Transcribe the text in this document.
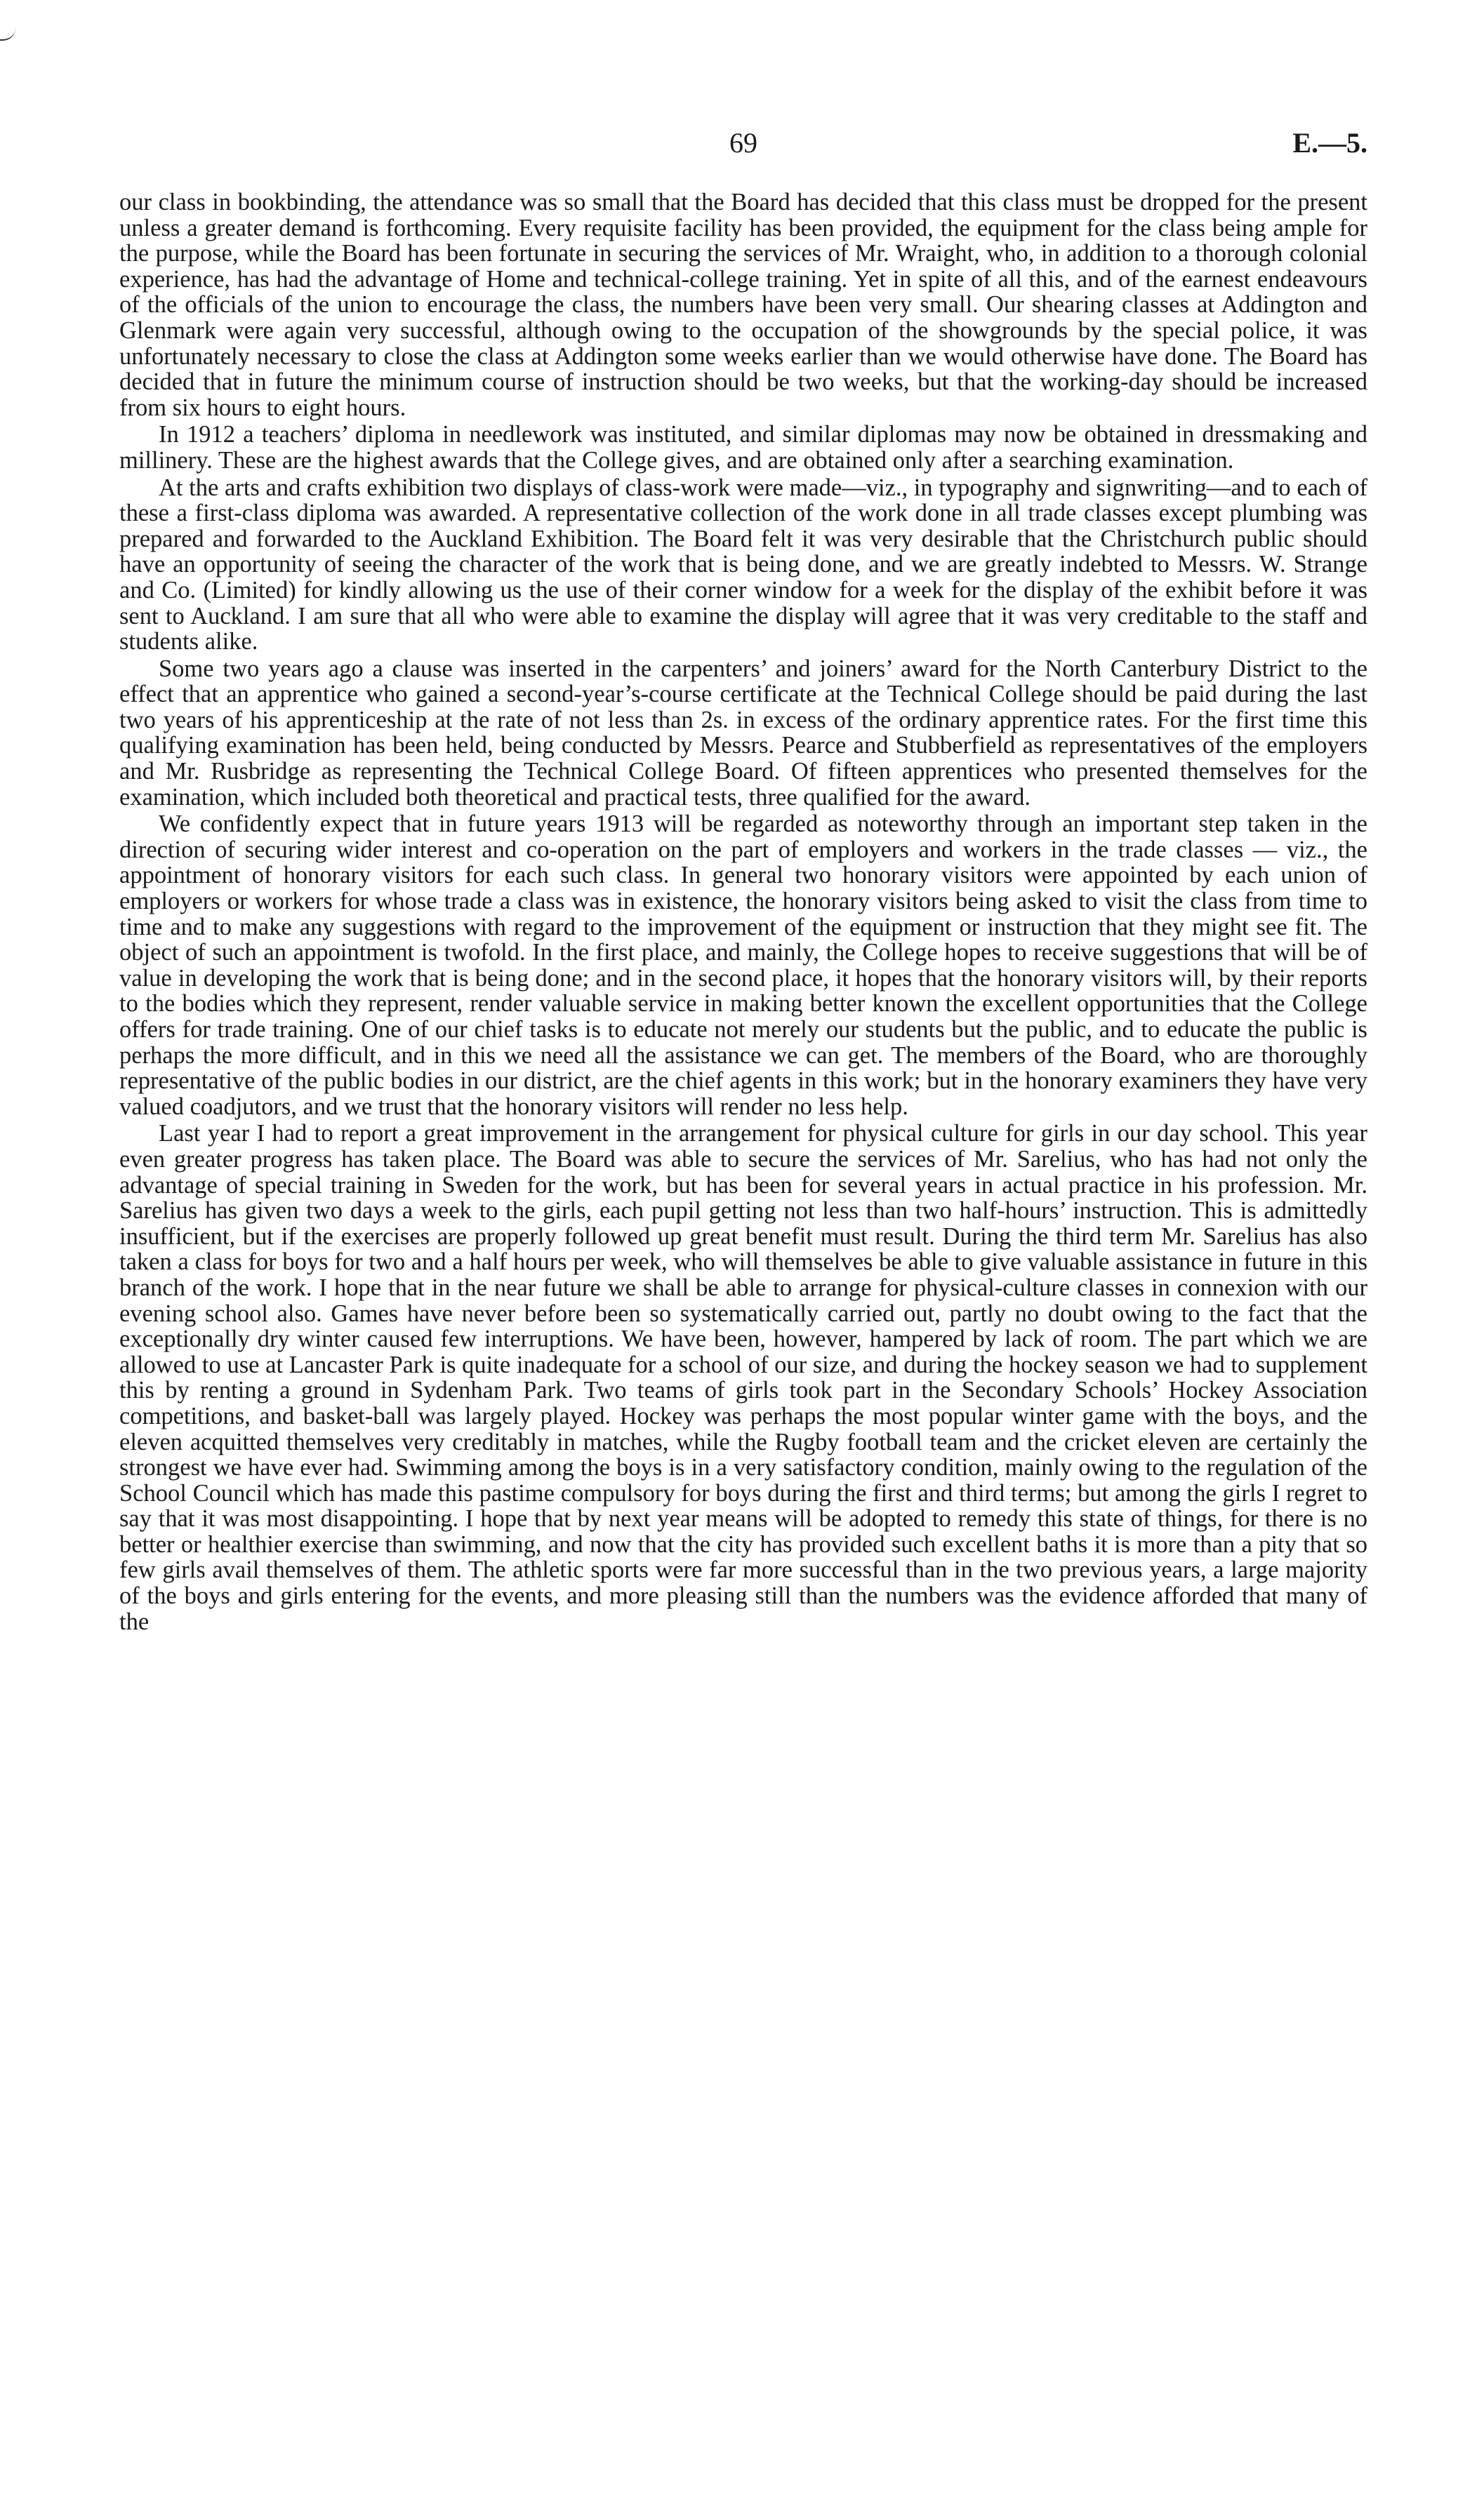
69	E.—5.

our class in bookbinding, the attendance was so small that the Board has decided that this class must be dropped for the present unless a greater demand is forthcoming. Every requisite facility has been provided, the equipment for the class being ample for the purpose, while the Board has been fortunate in securing the services of Mr. Wraight, who, in addition to a thorough colonial experience, has had the advantage of Home and technical-college training. Yet in spite of all this, and of the earnest endeavours of the officials of the union to encourage the class, the numbers have been very small. Our shearing classes at Addington and Glenmark were again very successful, although owing to the occupation of the showgrounds by the special police, it was unfortunately necessary to close the class at Addington some weeks earlier than we would otherwise have done. The Board has decided that in future the minimum course of instruction should be two weeks, but that the working-day should be increased from six hours to eight hours.

In 1912 a teachers’ diploma in needlework was instituted, and similar diplomas may now be obtained in dressmaking and millinery. These are the highest awards that the College gives, and are obtained only after a searching examination.

At the arts and crafts exhibition two displays of class-work were made—viz., in typography and signwriting—and to each of these a first-class diploma was awarded. A representative collection of the work done in all trade classes except plumbing was prepared and forwarded to the Auckland Exhibition. The Board felt it was very desirable that the Christchurch public should have an opportunity of seeing the character of the work that is being done, and we are greatly indebted to Messrs. W. Strange and Co. (Limited) for kindly allowing us the use of their corner window for a week for the display of the exhibit before it was sent to Auckland. I am sure that all who were able to examine the display will agree that it was very creditable to the staff and students alike.

Some two years ago a clause was inserted in the carpenters’ and joiners’ award for the North Canterbury District to the effect that an apprentice who gained a second-year’s-course certificate at the Technical College should be paid during the last two years of his apprenticeship at the rate of not less than 2s. in excess of the ordinary apprentice rates. For the first time this qualifying examination has been held, being conducted by Messrs. Pearce and Stubberfield as representatives of the employers and Mr. Rusbridge as representing the Technical College Board. Of fifteen apprentices who presented themselves for the examination, which included both theoretical and practical tests, three qualified for the award.

We confidently expect that in future years 1913 will be regarded as noteworthy through an important step taken in the direction of securing wider interest and co-operation on the part of employers and workers in the trade classes — viz., the appointment of honorary visitors for each such class. In general two honorary visitors were appointed by each union of employers or workers for whose trade a class was in existence, the honorary visitors being asked to visit the class from time to time and to make any suggestions with regard to the improvement of the equipment or instruction that they might see fit. The object of such an appointment is twofold. In the first place, and mainly, the College hopes to receive suggestions that will be of value in developing the work that is being done; and in the second place, it hopes that the honorary visitors will, by their reports to the bodies which they represent, render valuable service in making better known the excellent opportunities that the College offers for trade training. One of our chief tasks is to educate not merely our students but the public, and to educate the public is perhaps the more difficult, and in this we need all the assistance we can get. The members of the Board, who are thoroughly representative of the public bodies in our district, are the chief agents in this work; but in the honorary examiners they have very valued coadjutors, and we trust that the honorary visitors will render no less help.

Last year I had to report a great improvement in the arrangement for physical culture for girls in our day school. This year even greater progress has taken place. The Board was able to secure the services of Mr. Sarelius, who has had not only the advantage of special training in Sweden for the work, but has been for several years in actual practice in his profession. Mr. Sarelius has given two days a week to the girls, each pupil getting not less than two half-hours’ instruction. This is admittedly insufficient, but if the exercises are properly followed up great benefit must result. During the third term Mr. Sarelius has also taken a class for boys for two and a half hours per week, who will themselves be able to give valuable assistance in future in this branch of the work. I hope that in the near future we shall be able to arrange for physical-culture classes in connexion with our evening school also. Games have never before been so systematically carried out, partly no doubt owing to the fact that the exceptionally dry winter caused few interruptions. We have been, however, hampered by lack of room. The part which we are allowed to use at Lancaster Park is quite inadequate for a school of our size, and during the hockey season we had to supplement this by renting a ground in Sydenham Park. Two teams of girls took part in the Secondary Schools’ Hockey Association competitions, and basket-ball was largely played. Hockey was perhaps the most popular winter game with the boys, and the eleven acquitted themselves very creditably in matches, while the Rugby football team and the cricket eleven are certainly the strongest we have ever had. Swimming among the boys is in a very satisfactory condition, mainly owing to the regulation of the School Council which has made this pastime compulsory for boys during the first and third terms; but among the girls I regret to say that it was most disappointing. I hope that by next year means will be adopted to remedy this state of things, for there is no better or healthier exercise than swimming, and now that the city has provided such excellent baths it is more than a pity that so few girls avail themselves of them. The athletic sports were far more successful than in the two previous years, a large majority of the boys and girls entering for the events, and more pleasing still than the numbers was the evidence afforded that many of the
